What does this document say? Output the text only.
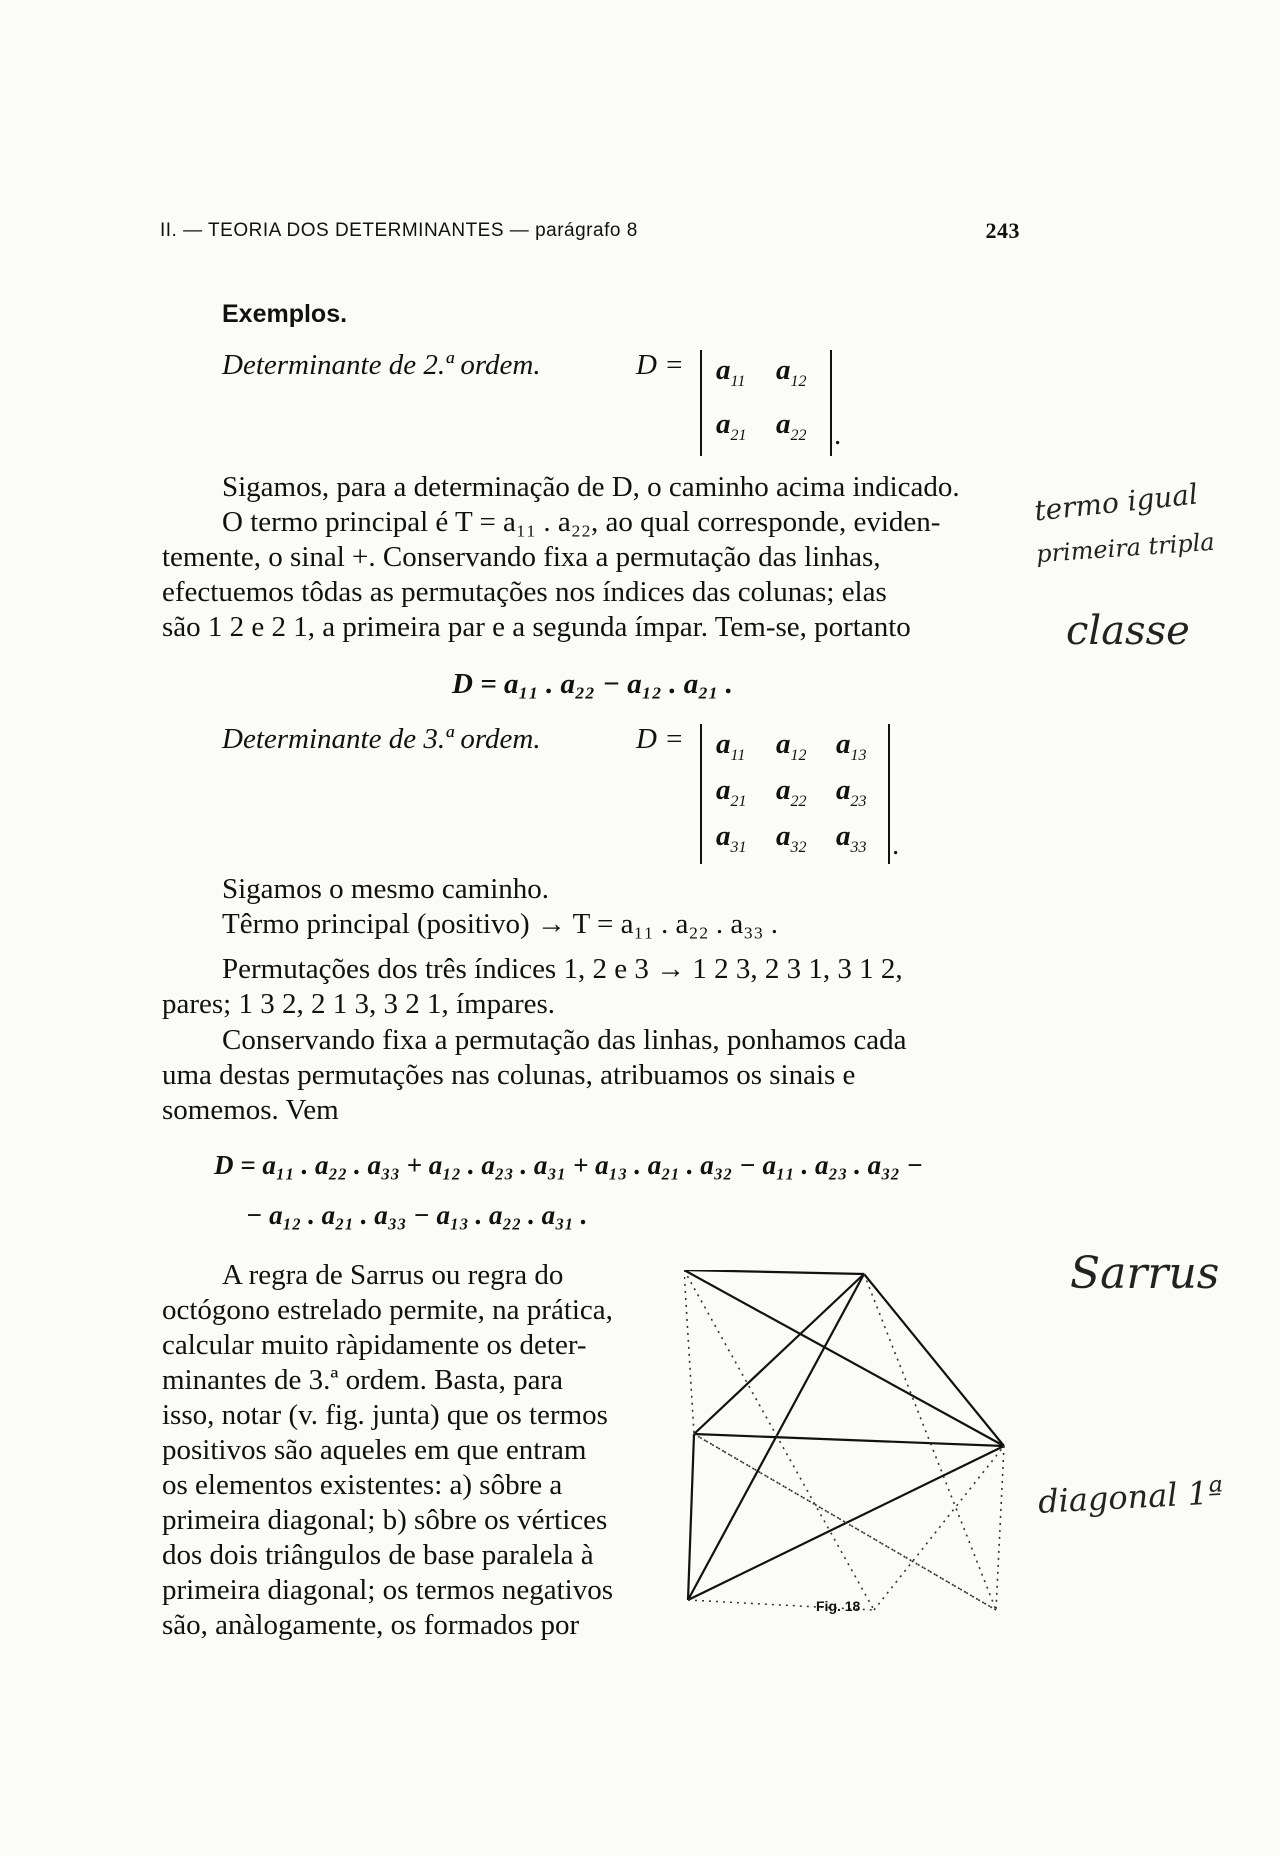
II. — TEORIA DOS DETERMINANTES — parágrafo 8	243
Exemplos.
Determinante de 2.ª ordem.	$D = a_{11}$ $a_{12}$
$a_{21}$ $a_{22}$ .
Sigamos, para a determinação de D, o caminho acima indicado.
O termo principal é T = a₁₁ . a₂₂, ao qual corresponde, eviden-
temente, o sinal +. Conservando fixa a permutação das linhas,
efectuemos tôdas as permutações nos índices das colunas; elas
são 1 2 e 2 1, a primeira par e a segunda ímpar. Tem-se, portanto
D = a₁₁ . a₂₂ − a₁₂ . a₂₁ .
Determinante de 3.ª ordem.	$D = a_{11}$ $a_{12}$ $a_{13}$
$a_{21}$ $a_{22}$ $a_{23}$
$a_{31}$ $a_{32}$ $a_{33}$ .
Sigamos o mesmo caminho.
Têrmo principal (positivo) → T = a₁₁ . a₂₂ . a₃₃ .
Permutações dos três índices 1, 2 e 3 → 1 2 3, 2 3 1, 3 1 2,
pares; 1 3 2, 2 1 3, 3 2 1, ímpares.
Conservando fixa a permutação das linhas, ponhamos cada
uma destas permutações nas colunas, atribuamos os sinais e
somemos. Vem
D = a₁₁ . a₂₂ . a₃₃ + a₁₂ . a₂₃ . a₃₁ + a₁₃ . a₂₁ . a₃₂ − a₁₁ . a₂₃ . a₃₂ −
− a₁₂ . a₂₁ . a₃₃ − a₁₃ . a₂₂ . a₃₁ .
A regra de Sarrus ou regra do
octógono estrelado permite, na prática,
calcular muito ràpidamente os deter-
minantes de 3.ª ordem. Basta, para
isso, notar (v. fig. junta) que os termos
positivos são aqueles em que entram
os elementos existentes: a) sôbre a
primeira diagonal; b) sôbre os vértices
dos dois triângulos de base paralela à
primeira diagonal; os termos negativos
são, anàlogamente, os formados por
Fig. 18
termo igual
primeira tripla
classe
Sarrus
diagonal 1ª
